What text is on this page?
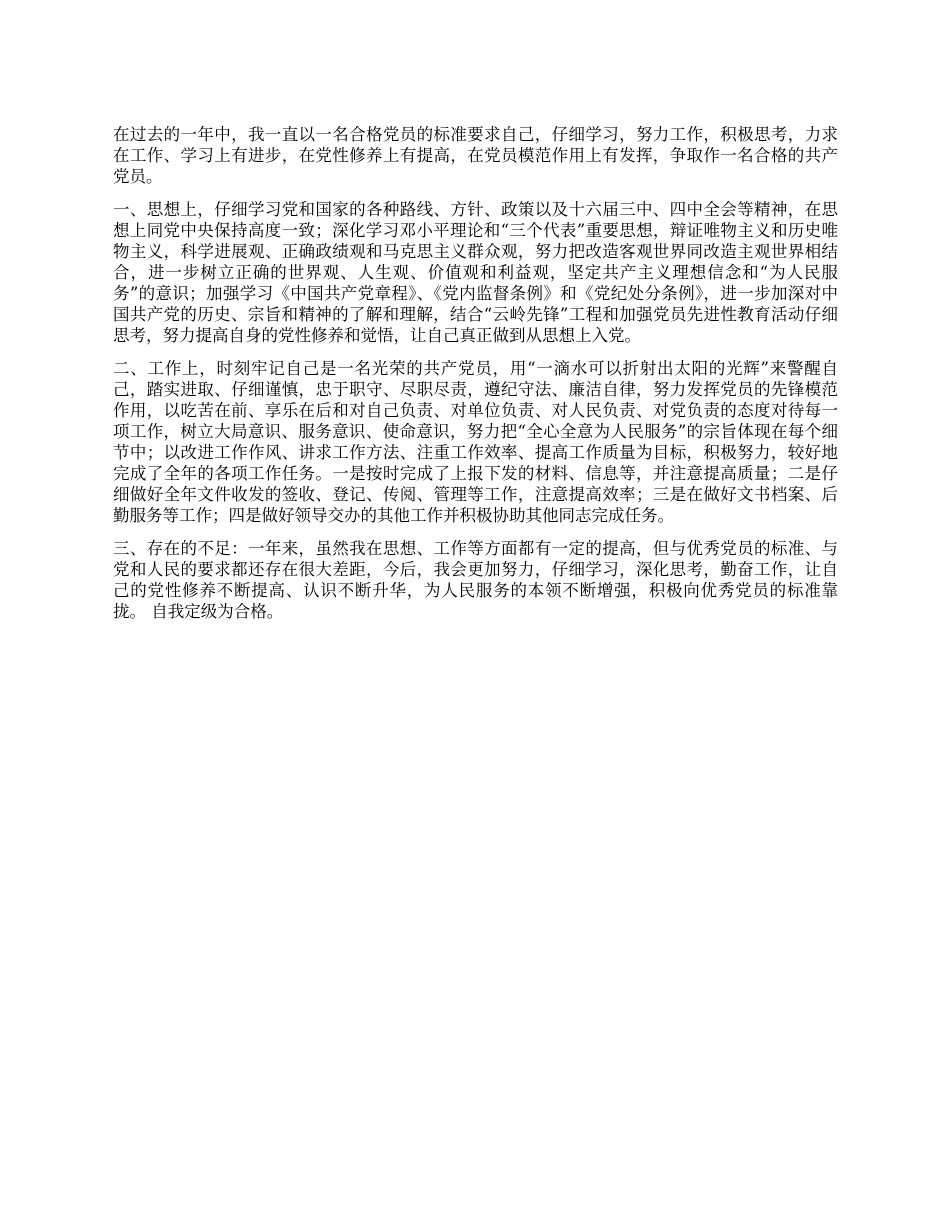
在过去的一年中，我一直以一名合格党员的标准要求自己，仔细学习，努力工作，积极思考，力求在工作、学习上有进步，在党性修养上有提高，在党员模范作用上有发挥，争取作一名合格的共产党员。

一、思想上，仔细学习党和国家的各种路线、方针、政策以及十六届三中、四中全会等精神，在思想上同党中央保持高度一致；深化学习邓小平理论和“三个代表”重要思想，辩证唯物主义和历史唯物主义，科学进展观、正确政绩观和马克思主义群众观，努力把改造客观世界同改造主观世界相结合，进一步树立正确的世界观、人生观、价值观和利益观，坚定共产主义理想信念和“为人民服务”的意识；加强学习《中国共产党章程》、《党内监督条例》和《党纪处分条例》，进一步加深对中国共产党的历史、宗旨和精神的了解和理解，结合“云岭先锋”工程和加强党员先进性教育活动仔细思考，努力提高自身的党性修养和觉悟，让自己真正做到从思想上入党。

二、工作上，时刻牢记自己是一名光荣的共产党员，用“一滴水可以折射出太阳的光辉”来警醒自己，踏实进取、仔细谨慎，忠于职守、尽职尽责，遵纪守法、廉洁自律，努力发挥党员的先锋模范作用，以吃苦在前、享乐在后和对自己负责、对单位负责、对人民负责、对党负责的态度对待每一项工作，树立大局意识、服务意识、使命意识，努力把“全心全意为人民服务”的宗旨体现在每个细节中；以改进工作作风、讲求工作方法、注重工作效率、提高工作质量为目标，积极努力，较好地完成了全年的各项工作任务。一是按时完成了上报下发的材料、信息等，并注意提高质量；二是仔细做好全年文件收发的签收、登记、传阅、管理等工作，注意提高效率；三是在做好文书档案、后勤服务等工作；四是做好领导交办的其他工作并积极协助其他同志完成任务。

三、存在的不足：一年来，虽然我在思想、工作等方面都有一定的提高，但与优秀党员的标准、与党和人民的要求都还存在很大差距，今后，我会更加努力，仔细学习，深化思考，勤奋工作，让自己的党性修养不断提高、认识不断升华，为人民服务的本领不断增强，积极向优秀党员的标准靠拢。 自我定级为合格。
